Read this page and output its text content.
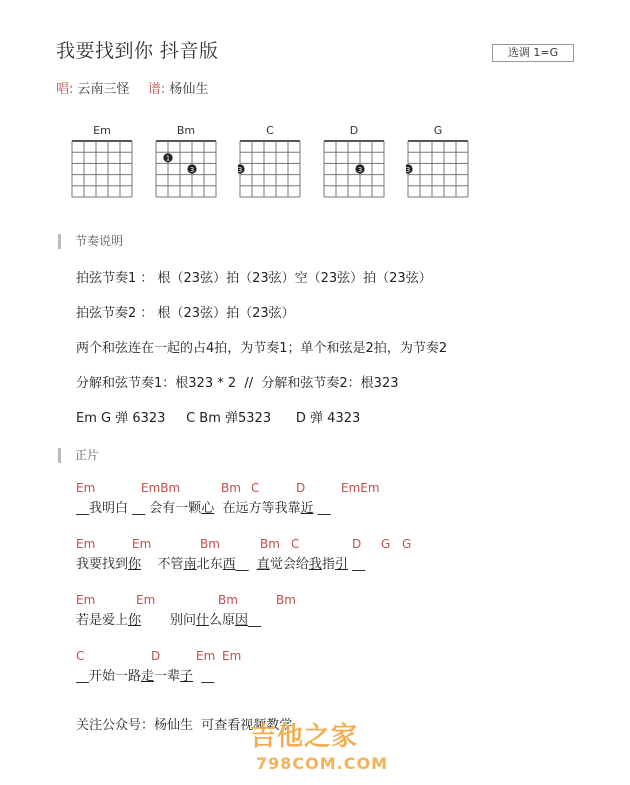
我要找到你 抖音版	选调 1=G
唱: 云南三怪 谱: 杨仙生
Em	Bm
1
3
C
3
D
3
G
3
节奏说明
拍弦节奏1 ： 根（23弦）拍（23弦）空（23弦）拍（23弦）
拍弦节奏2 ： 根（23弦）拍（23弦）
两个和弦连在一起的占4拍，为节奏1；单个和弦是2拍，为节奏2
分解和弦节奏1：根323 * 2  //  分解和弦节奏2：根323
Em G 弹 6323     C Bm 弹5323      D 弹 4323
正片
Em	EmBm	Bm C	D	EmEm
__我明白 __ 会有一颗心  在远方等我靠近 __
Em	Em	Bm	Bm C	D G G
我要找到你    不管南北东西__  直觉会给我指引 __
Em	Em	Bm	Bm
若是爱上你       别问什么原因__
C	D	Em Em
__开始一路走一辈子  __
关注公众号：杨仙生  可查看视频教学
吉他之家
798COM.COM
